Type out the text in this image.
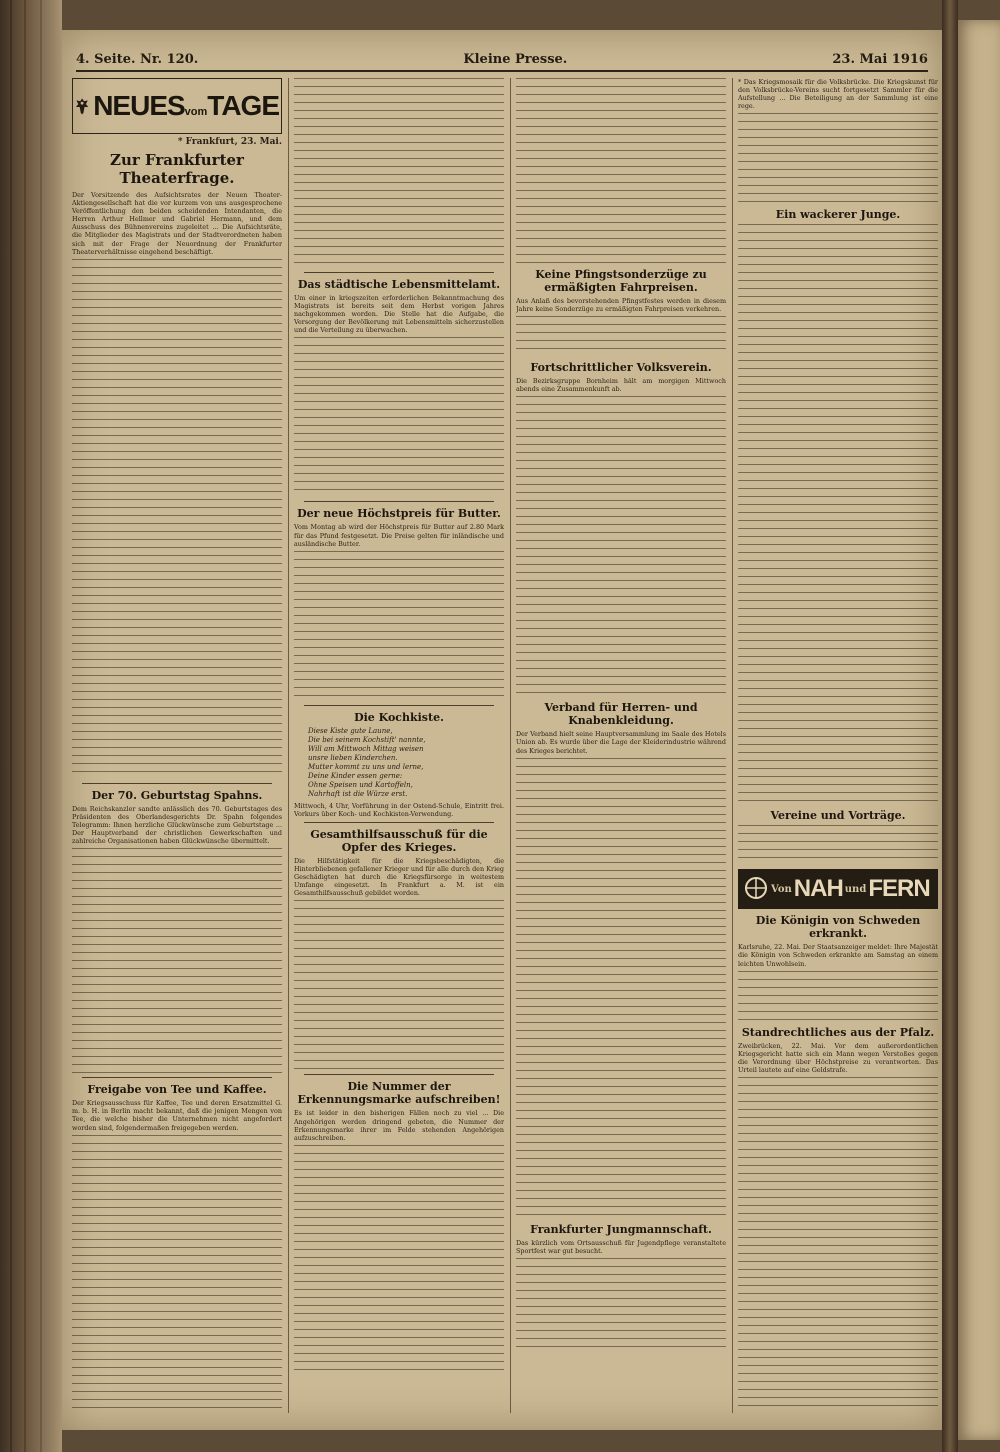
4. Seite. Nr. 120.	Kleine Presse.	23. Mai 1916
NEUESvomTAGE
* Frankfurt, 23. Mai.
Zur Frankfurter Theaterfrage.

Der Vorsitzende des Aufsichtsrates der Neuen Theater-Aktiengesellschaft hat die vor kurzem von uns ausgesprochene Veröffentlichung den beiden scheidenden Intendanten, die Herren Arthur Hellmer und Gabriel Hermann, und dem Ausschuss des Bühnenvereins zugeleitet ... Die Aufsichtsräte, die Mitglieder des Magistrats und der Stadtverordneten haben sich mit der Frage der Neuordnung der Frankfurter Theaterverhältnisse eingehend beschäftigt.

Der 70. Geburtstag Spahns.

Dem Reichskanzler sandte anlässlich des 70. Geburtstages des Präsidenten des Oberlandesgerichts Dr. Spahn folgendes Telegramm: Ihnen herzliche Glückwünsche zum Geburtstage ... Der Hauptverband der christlichen Gewerkschaften und zahlreiche Organisationen haben Glückwünsche übermittelt.

Freigabe von Tee und Kaffee.

Der Kriegsausschuss für Kaffee, Tee und deren Ersatzmittel G. m. b. H. in Berlin macht bekannt, daß die jenigen Mengen von Tee, die welche bisher die Unternehmen nicht angefordert worden sind, folgendermaßen freigegeben werden.

Das städtische Lebensmittelamt.

Um einer in kriegszeiten erforderlichen Bekanntmachung des Magistrats ist bereits seit dem Herbst vorigen Jahres nachgekommen worden. Die Stelle hat die Aufgabe, die Versorgung der Bevölkerung mit Lebensmitteln sicherzustellen und die Verteilung zu überwachen.

Der neue Höchstpreis für Butter.

Vom Montag ab wird der Höchstpreis für Butter auf 2.80 Mark für das Pfund festgesetzt. Die Preise gelten für inländische und ausländische Butter.

Die Kochkiste.
Diese Kiste gute Laune,
Die bei seinem Kochstift' nannte,
Will am Mittwoch Mittag weisen
unsre lieben Kinderchen.
Mutter kommt zu uns und lerne,
Deine Kinder essen gerne:
Ohne Speisen und Kartoffeln,
Nahrhaft ist die Würze erst.

Mittwoch, 4 Uhr, Vorführung in der Ostend-Schule, Eintritt frei. Vorkurs über Koch- und Kochkisten-Verwendung.

Gesamthilfsausschuß für die Opfer des Krieges.

Die Hilfstätigkeit für die Kriegsbeschädigten, die Hinterbliebenen gefallener Krieger und für alle durch den Krieg Geschädigten hat durch die Kriegsfürsorge in weitestem Umfange eingesetzt. In Frankfurt a. M. ist ein Gesamthilfsausschuß gebildet worden.

Die Nummer der Erkennungsmarke aufschreiben!

Es ist leider in den bisherigen Fällen noch zu viel ... Die Angehörigen werden dringend gebeten, die Nummer der Erkennungsmarke ihrer im Felde stehenden Angehörigen aufzuschreiben.

Keine Pfingstsonderzüge zu ermäßigten Fahrpreisen.

Aus Anlaß des bevorstehenden Pfingstfestes werden in diesem Jahre keine Sonderzüge zu ermäßigten Fahrpreisen verkehren.

Fortschrittlicher Volksverein.

Die Bezirksgruppe Bornheim hält am morgigen Mittwoch abends eine Zusammenkunft ab.

Verband für Herren- und Knabenkleidung.

Der Verband hielt seine Hauptversammlung im Saale des Hotels Union ab. Es wurde über die Lage der Kleiderindustrie während des Krieges berichtet.

Frankfurter Jungmannschaft.

Das kürzlich vom Ortsausschuß für Jugendpflege veranstaltete Sportfest war gut besucht.

* Das Kriegsmosaik für die Volksbrücke. Die Kriegskunst für den Volksbrücke-Vereins sucht fortgesetzt Sammler für die Aufstellung ... Die Beteiligung an der Sammlung ist eine rege.

Ein wackerer Junge.
Vereine und Vorträge.
Von NAH und FERN
Die Königin von Schweden erkrankt.

Karlsruhe, 22. Mai. Der Staatsanzeiger meldet: Ihre Majestät die Königin von Schweden erkrankte am Samstag an einem leichten Unwohlsein.

Standrechtliches aus der Pfalz.

Zweibrücken, 22. Mai. Vor dem außerordentlichen Kriegsgericht hatte sich ein Mann wegen Verstoßes gegen die Verordnung über Höchstpreise zu verantworten. Das Urteil lautete auf eine Geldstrafe.
